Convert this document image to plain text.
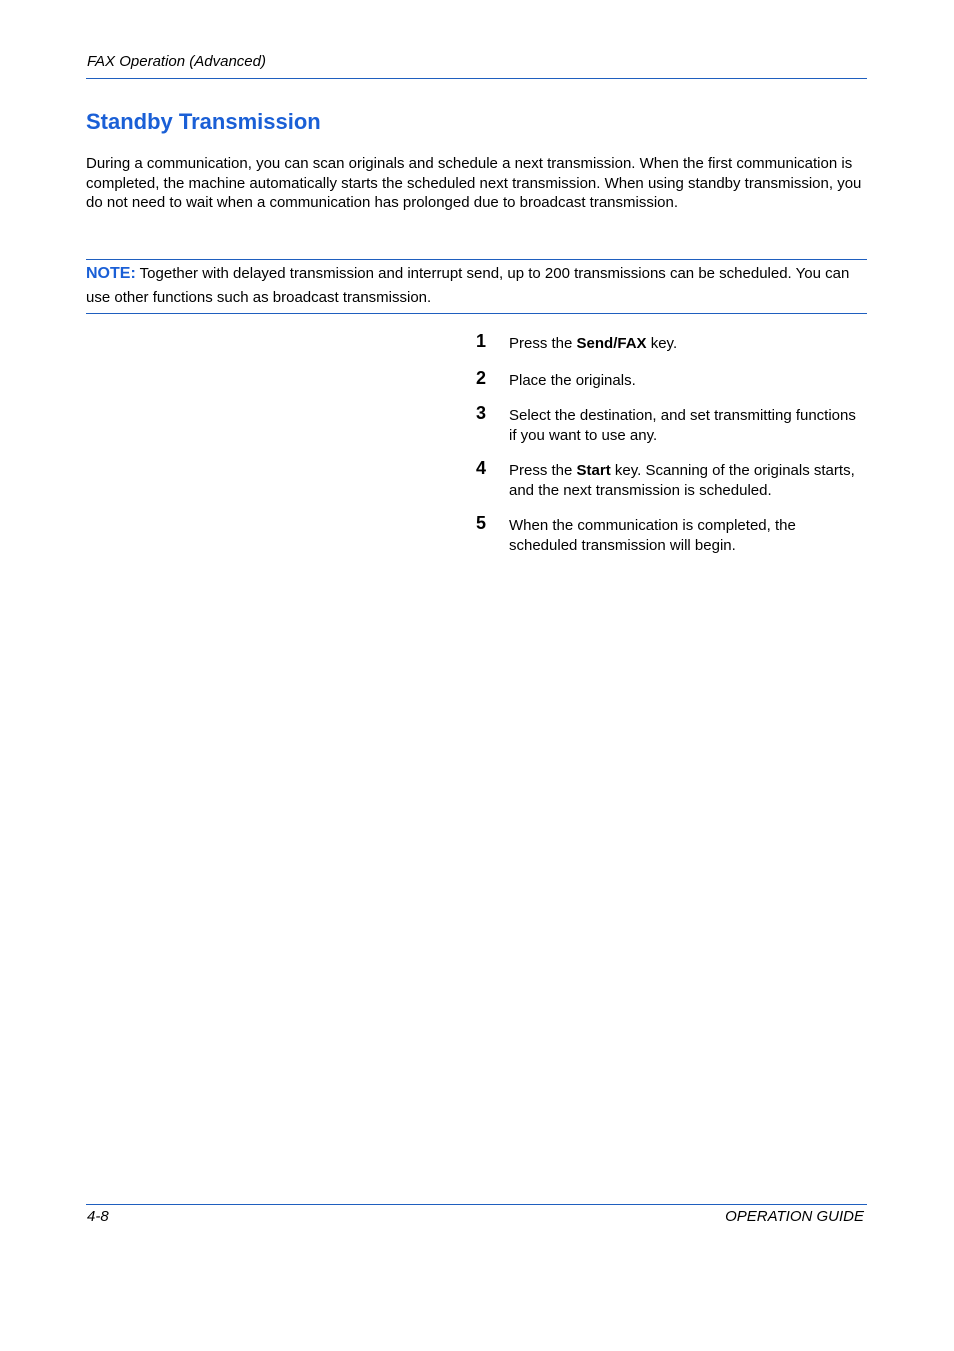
FAX Operation (Advanced)
Standby Transmission

During a communication, you can scan originals and schedule a next transmission. When the first communication is completed, the machine automatically starts the scheduled next transmission. When using standby transmission, you do not need to wait when a communication has prolonged due to broadcast transmission.

NOTE: Together with delayed transmission and interrupt send, up to 200 transmissions can be scheduled. You can use other functions such as broadcast transmission.

1 Press the Send/FAX key.
2 Place the originals.
3 Select the destination, and set transmitting functions if you want to use any.
4 Press the Start key. Scanning of the originals starts, and the next transmission is scheduled.
5 When the communication is completed, the scheduled transmission will begin.
4-8	OPERATION GUIDE
